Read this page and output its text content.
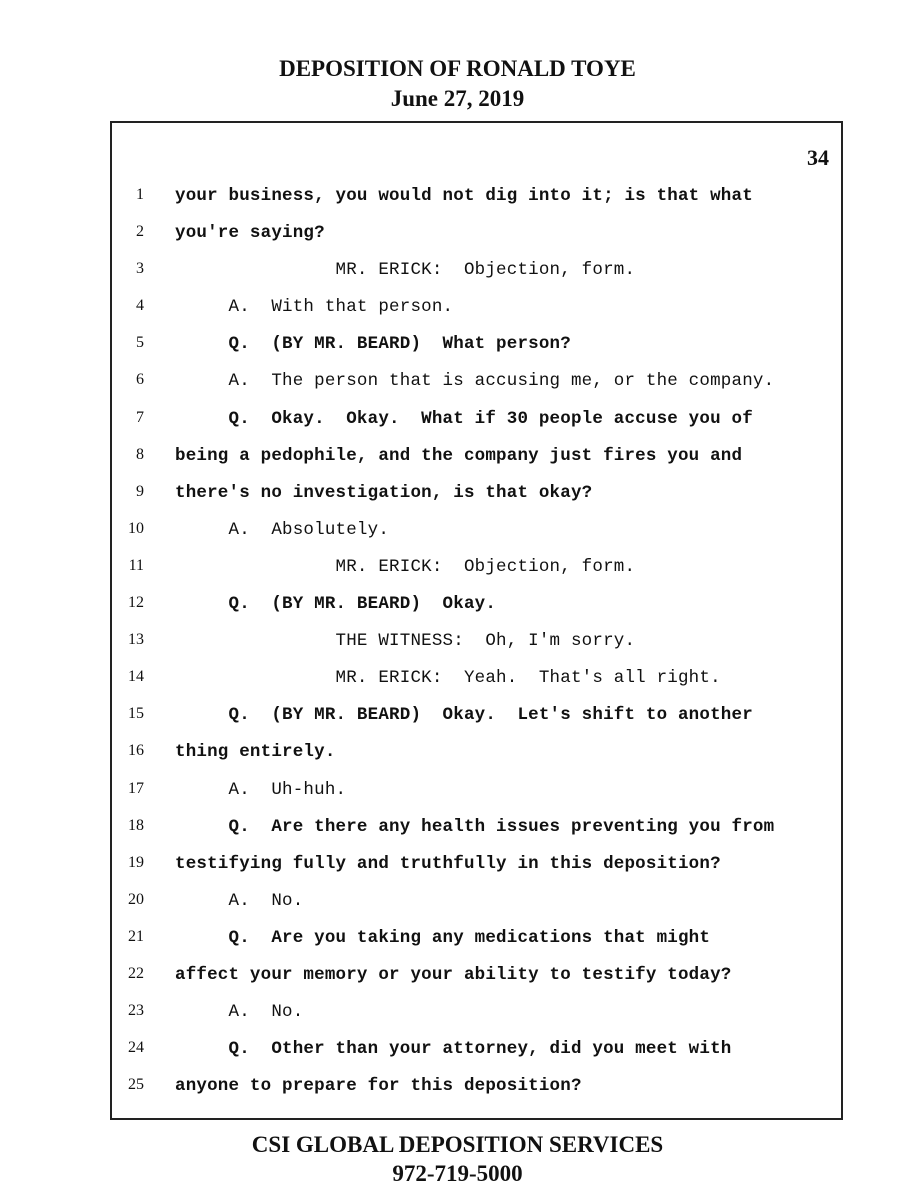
DEPOSITION OF RONALD TOYE
June 27, 2019
34
1 your business, you would not dig into it; is that what
2 you're saying?
3 MR. ERICK:  Objection, form.
4 A.  With that person.
5 Q.  (BY MR. BEARD)  What person?
6 A.  The person that is accusing me, or the company.
7 Q.  Okay.  Okay.  What if 30 people accuse you of
8 being a pedophile, and the company just fires you and
9 there's no investigation, is that okay?
10 A.  Absolutely.
11 MR. ERICK:  Objection, form.
12 Q.  (BY MR. BEARD)  Okay.
13 THE WITNESS:  Oh, I'm sorry.
14 MR. ERICK:  Yeah.  That's all right.
15 Q.  (BY MR. BEARD)  Okay.  Let's shift to another
16 thing entirely.
17 A.  Uh-huh.
18 Q.  Are there any health issues preventing you from
19 testifying fully and truthfully in this deposition?
20 A.  No.
21 Q.  Are you taking any medications that might
22 affect your memory or your ability to testify today?
23 A.  No.
24 Q.  Other than your attorney, did you meet with
25 anyone to prepare for this deposition?
CSI GLOBAL DEPOSITION SERVICES
972-719-5000
